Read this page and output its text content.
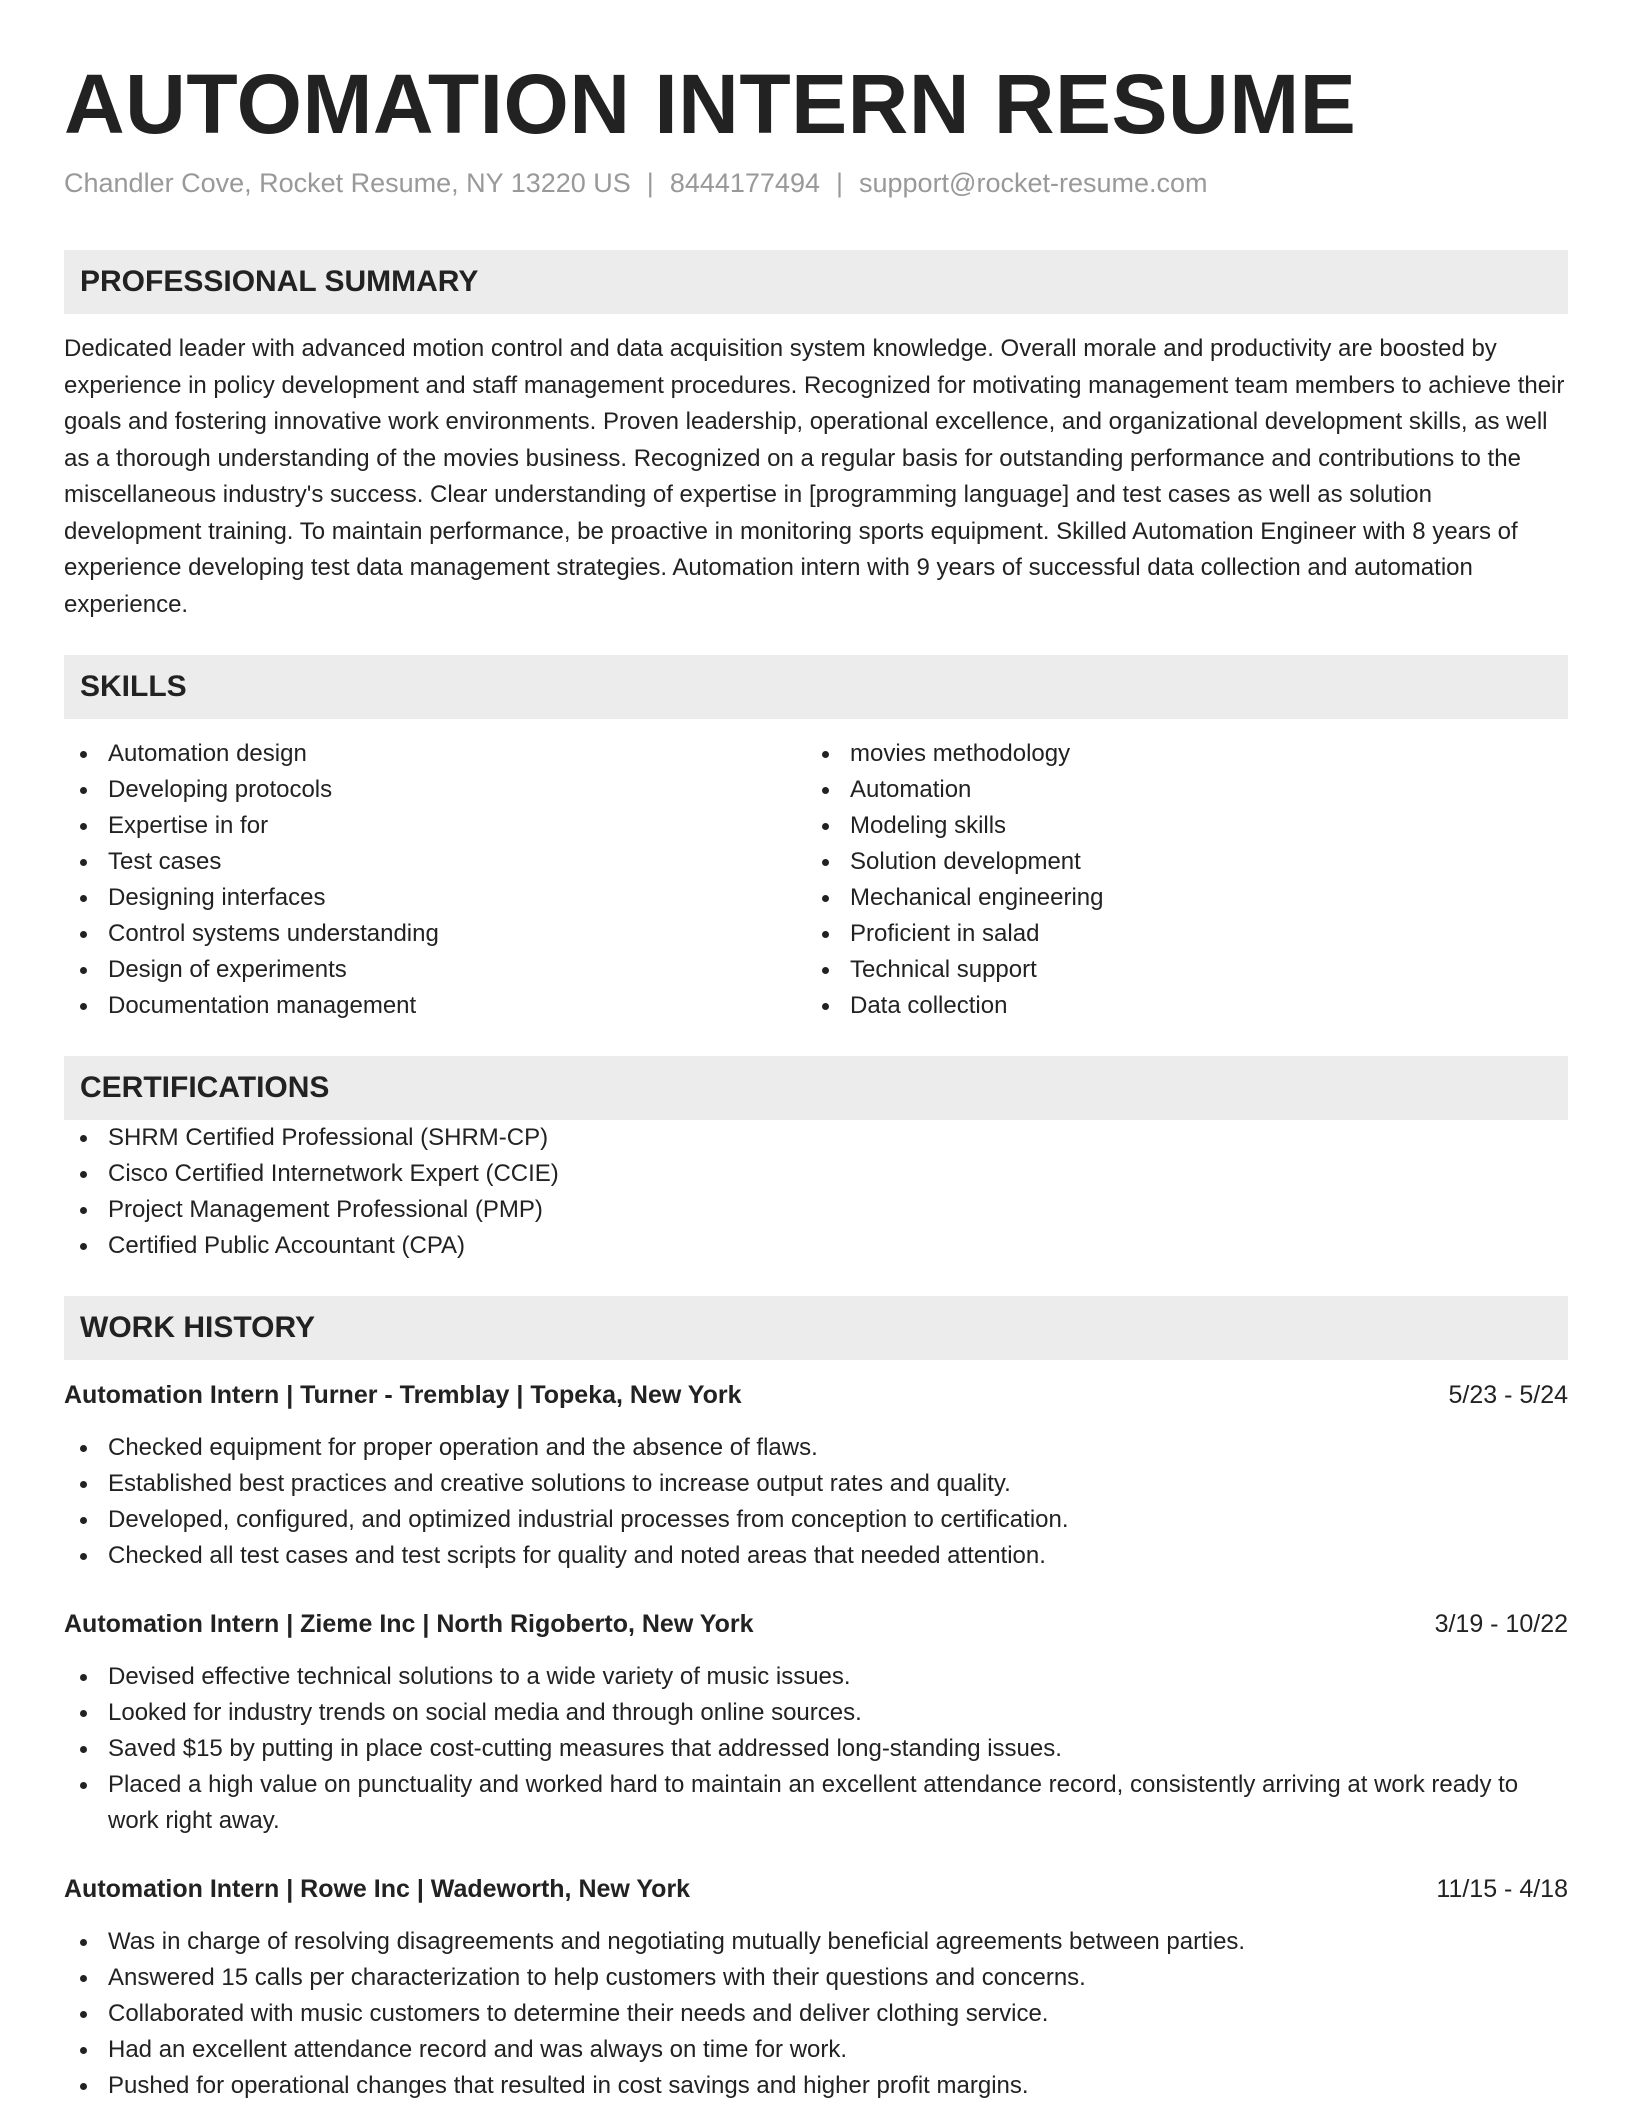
AUTOMATION INTERN RESUME
Chandler Cove, Rocket Resume, NY 13220 US | 8444177494 | support@rocket-resume.com
PROFESSIONAL SUMMARY
Dedicated leader with advanced motion control and data acquisition system knowledge. Overall morale and productivity are boosted by experience in policy development and staff management procedures. Recognized for motivating management team members to achieve their goals and fostering innovative work environments. Proven leadership, operational excellence, and organizational development skills, as well as a thorough understanding of the movies business. Recognized on a regular basis for outstanding performance and contributions to the miscellaneous industry's success. Clear understanding of expertise in [programming language] and test cases as well as solution development training. To maintain performance, be proactive in monitoring sports equipment. Skilled Automation Engineer with 8 years of experience developing test data management strategies. Automation intern with 9 years of successful data collection and automation experience.
SKILLS
Automation design
Developing protocols
Expertise in for
Test cases
Designing interfaces
Control systems understanding
Design of experiments
Documentation management
movies methodology
Automation
Modeling skills
Solution development
Mechanical engineering
Proficient in salad
Technical support
Data collection
CERTIFICATIONS
SHRM Certified Professional (SHRM-CP)
Cisco Certified Internetwork Expert (CCIE)
Project Management Professional (PMP)
Certified Public Accountant (CPA)
WORK HISTORY
Automation Intern | Turner - Tremblay | Topeka, New York	5/23 - 5/24
Checked equipment for proper operation and the absence of flaws.
Established best practices and creative solutions to increase output rates and quality.
Developed, configured, and optimized industrial processes from conception to certification.
Checked all test cases and test scripts for quality and noted areas that needed attention.
Automation Intern | Zieme Inc | North Rigoberto, New York	3/19 - 10/22
Devised effective technical solutions to a wide variety of music issues.
Looked for industry trends on social media and through online sources.
Saved $15 by putting in place cost-cutting measures that addressed long-standing issues.
Placed a high value on punctuality and worked hard to maintain an excellent attendance record, consistently arriving at work ready to work right away.
Automation Intern | Rowe Inc | Wadeworth, New York	11/15 - 4/18
Was in charge of resolving disagreements and negotiating mutually beneficial agreements between parties.
Answered 15 calls per characterization to help customers with their questions and concerns.
Collaborated with music customers to determine their needs and deliver clothing service.
Had an excellent attendance record and was always on time for work.
Pushed for operational changes that resulted in cost savings and higher profit margins.
